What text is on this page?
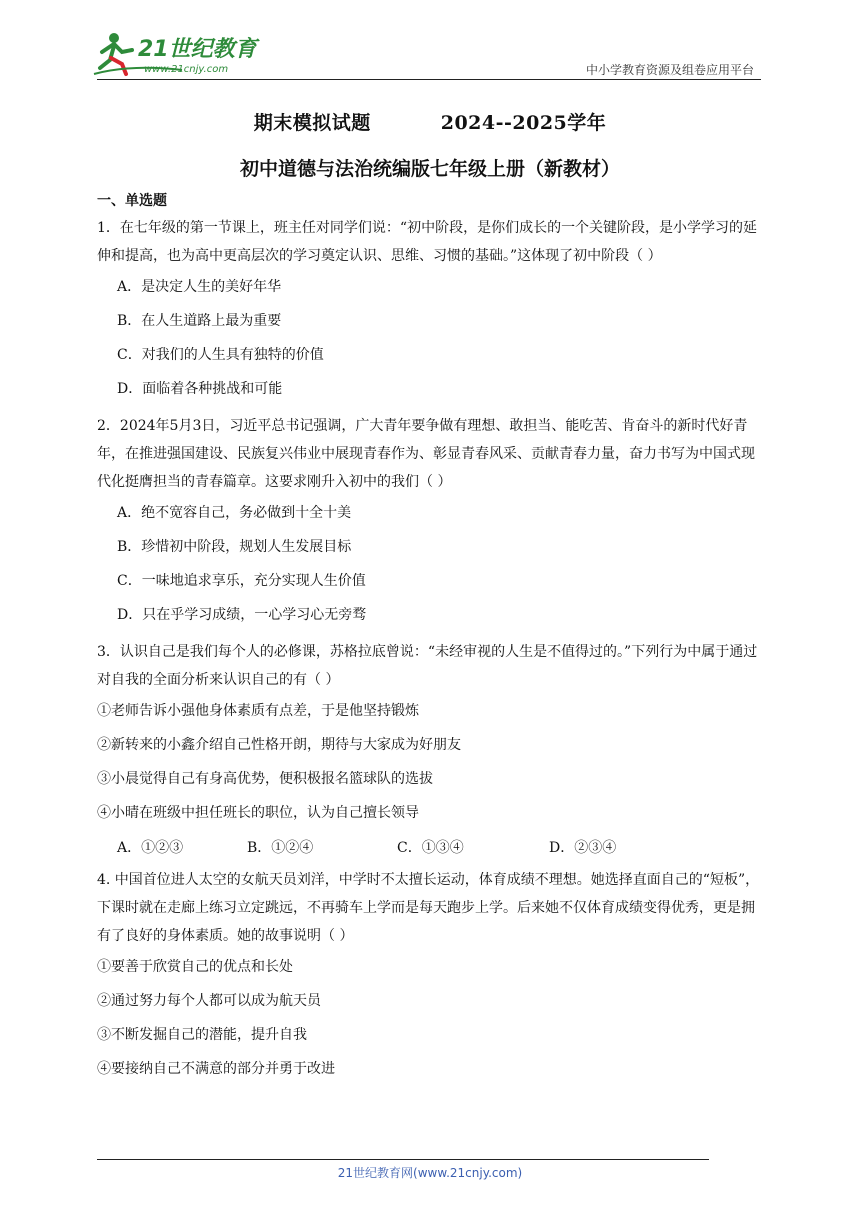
21世纪教育
www.21cnjy.com	中小学教育资源及组卷应用平台
期末模拟试题	2024--2025学年
初中道德与法治统编版七年级上册（新教材）
一、单选题

1．在七年级的第一节课上，班主任对同学们说：“初中阶段，是你们成长的一个关键阶段，是小学学习的延伸和提高，也为高中更高层次的学习奠定认识、思维、习惯的基础。”这体现了初中阶段（ ）

A．是决定人生的美好年华

B．在人生道路上最为重要

C．对我们的人生具有独特的价值

D．面临着各种挑战和可能

2．2024年5月3日，习近平总书记强调，广大青年要争做有理想、敢担当、能吃苦、肯奋斗的新时代好青年，在推进强国建设、民族复兴伟业中展现青春作为、彰显青春风采、贡献青春力量，奋力书写为中国式现代化挺膺担当的青春篇章。这要求刚升入初中的我们（ ）

A．绝不宽容自己，务必做到十全十美

B．珍惜初中阶段，规划人生发展目标

C．一味地追求享乐，充分实现人生价值

D．只在乎学习成绩，一心学习心无旁骛

3．认识自己是我们每个人的必修课，苏格拉底曾说：“未经审视的人生是不值得过的。”下列行为中属于通过对自我的全面分析来认识自己的有（ ）

①老师告诉小强他身体素质有点差，于是他坚持锻炼

②新转来的小鑫介绍自己性格开朗，期待与大家成为好朋友

③小晨觉得自己有身高优势，便积极报名篮球队的选拔

④小晴在班级中担任班长的职位，认为自己擅长领导

A．①②③	B．①②④	C．①③④	D．②③④

4. 中国首位进人太空的女航天员刘洋，中学时不太擅长运动，体育成绩不理想。她选择直面自己的“短板”，下课时就在走廊上练习立定跳远，不再骑车上学而是每天跑步上学。后来她不仅体育成绩变得优秀，更是拥有了良好的身体素质。她的故事说明（ ）

①要善于欣赏自己的优点和长处

②通过努力每个人都可以成为航天员

③不断发掘自己的潜能，提升自我

④要接纳自己不满意的部分并勇于改进

21世纪教育网(www.21cnjy.com)
